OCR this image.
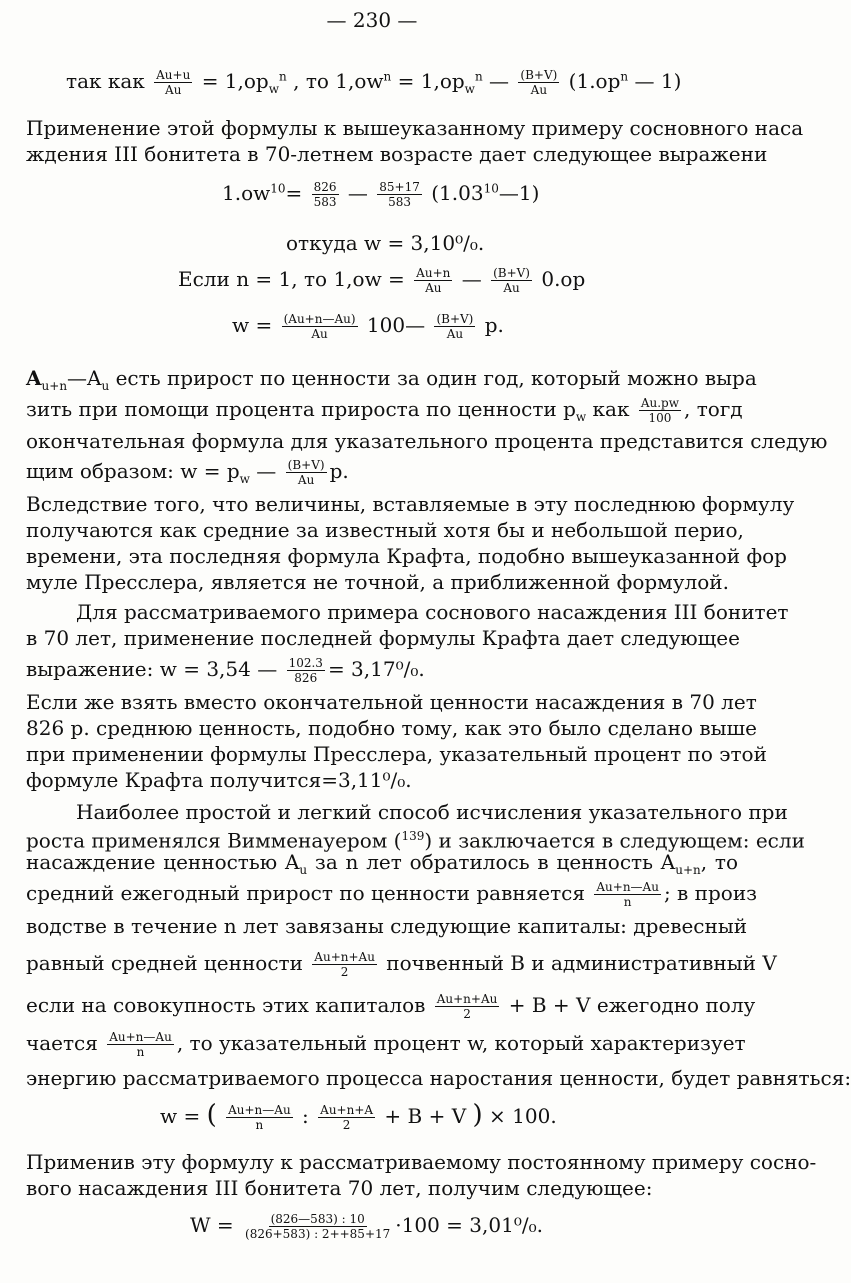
— 230 —
так как $\frac{Au+u}{Au} = 1,op_w^n$ , то $1,ow^n = 1,op_w^n$ — $\frac{(B+V)}{Au} (1.op^n$ — 1)
Применение этой формулы к вышеуказанному примеру сосновного наса
ждения III бонитета в 70-летнем возрасте дает следующее выражени
$1.ow^{10}= \frac{826}{583}$ — $\frac{85+17}{583}$ (1.03$^{10}$—1)
откуда w = 3,10⁰/₀.
Если n = 1, то $1,ow = \frac{Au+n}{Au}$ — $\frac{(B+V)}{Au} 0.op$
$w = \frac{(Au+n—Au)}{Au}$ 100— $\frac{(B+V)}{Au} p$.
$A_{u+n}—A_u$ есть прирост по ценности за один год, который можно выра
зить при помощи процента прироста по ценности $p_w$ как $\frac{Au.pw}{100}$ , тогд
окончательная формула для указательного процента представится следую
щим образом: $w = p_w$ — $\frac{(B+V)}{Au} p$.
Вследствие того, что величины, вставляемые в эту последнюю формулу
получаются как средние за известный хотя бы и небольшой перио,
времени, эта последняя формула Крафта, подобно вышеуказанной фор
муле Пресслера, является не точной, а приближенной формулой.
Для рассматриваемого примера соснового насаждения III бонитет
в 70 лет, применение последней формулы Крафта дает следующее
выражение: w = 3,54 — $\frac{102.3}{826} = 3,17^0/_0$.
Если же взять вместо окончательной ценности насаждения в 70 лет
826 р. среднюю ценность, подобно тому, как это было сделано выше
при применении формулы Пресслера, указательный процент по этой
формуле Крафта получится=3,11⁰/₀.
Наиболее простой и легкий способ исчисления указательного при
роста применялся Вимменауером ($^{139}$) и заключается в следующем: если
насаждение ценностью $A_u$ за n лет обратилось в ценность $A_{u+n}$, то
средний ежегодный прирост по ценности равняется $\frac{Au+n—Au}{n}$ ; в произ
водстве в течение n лет завязаны следующие капиталы: древесный
равный средней ценности $\frac{Au+n+Au}{2}$ почвенный B и административный V
если на совокупность этих капиталов $\frac{Au+n+Au}{2} + B + V$ ежегодно полу
чается $\frac{Au+n—Au}{n}$ , то указательный процент w, который характеризует
энергию рассматриваемого процесса наростания ценности, будет равняться:
w = ( $\frac{Au+n—Au}{n}$ : $\frac{Au+n+A}{2} + B + V$ ) × 100.
Применив эту формулу к рассматриваемому постоянному примеру сосно-
вого насаждения III бонитета 70 лет, получим следующее:
$W = \frac{(826—583) : 10}{(826+583) : 2++85+17} \cdot 100 = 3,01^0/_0$.
